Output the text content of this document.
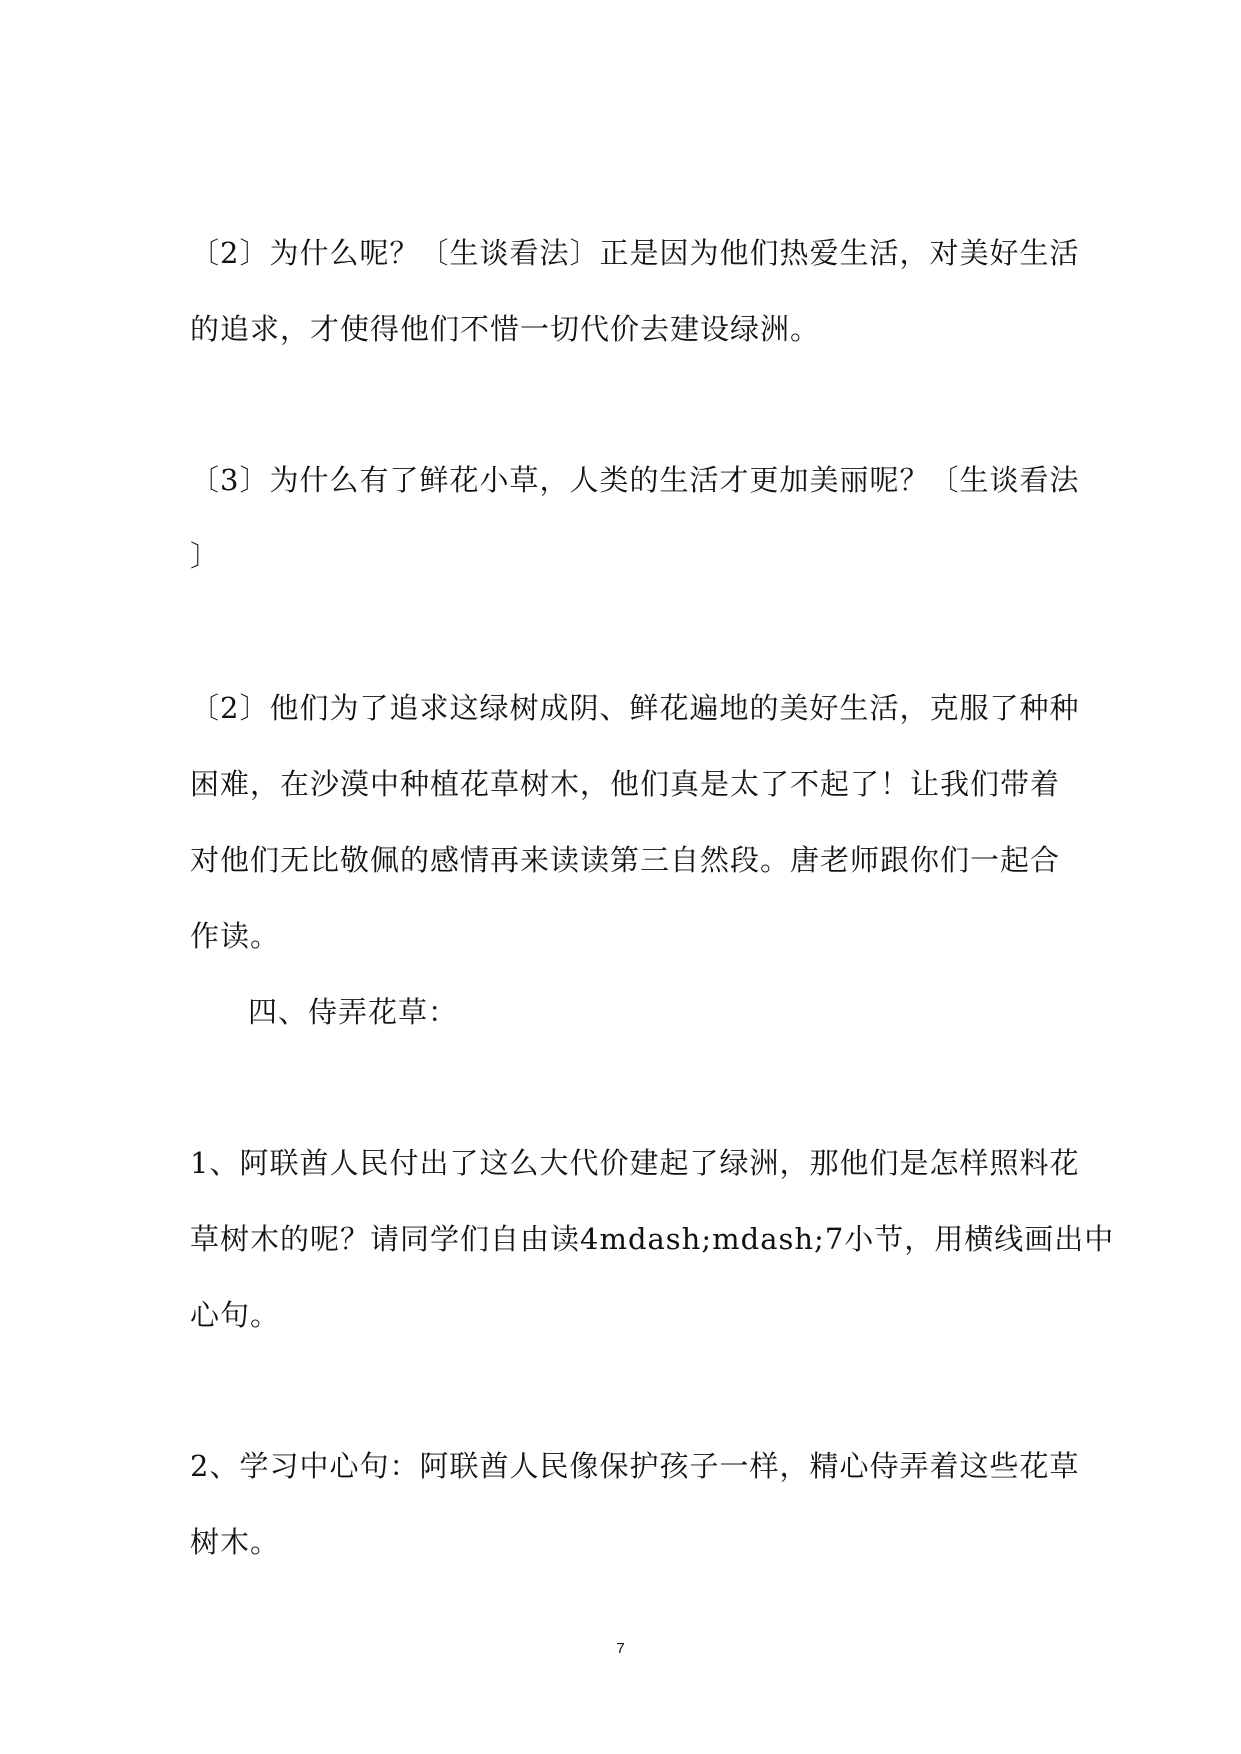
〔2〕为什么呢？〔生谈看法〕正是因为他们热爱生活，对美好生活
的追求，才使得他们不惜一切代价去建设绿洲。
〔3〕为什么有了鲜花小草，人类的生活才更加美丽呢？〔生谈看法
〕
〔2〕他们为了追求这绿树成阴、鲜花遍地的美好生活，克服了种种
困难，在沙漠中种植花草树木，他们真是太了不起了！让我们带着
对他们无比敬佩的感情再来读读第三自然段。唐老师跟你们一起合
作读。
四、侍弄花草：
1、阿联酋人民付出了这么大代价建起了绿洲，那他们是怎样照料花
草树木的呢？请同学们自由读4mdash;mdash;7小节，用横线画出中
心句。
2、学习中心句：阿联酋人民像保护孩子一样，精心侍弄着这些花草
树木。
7
